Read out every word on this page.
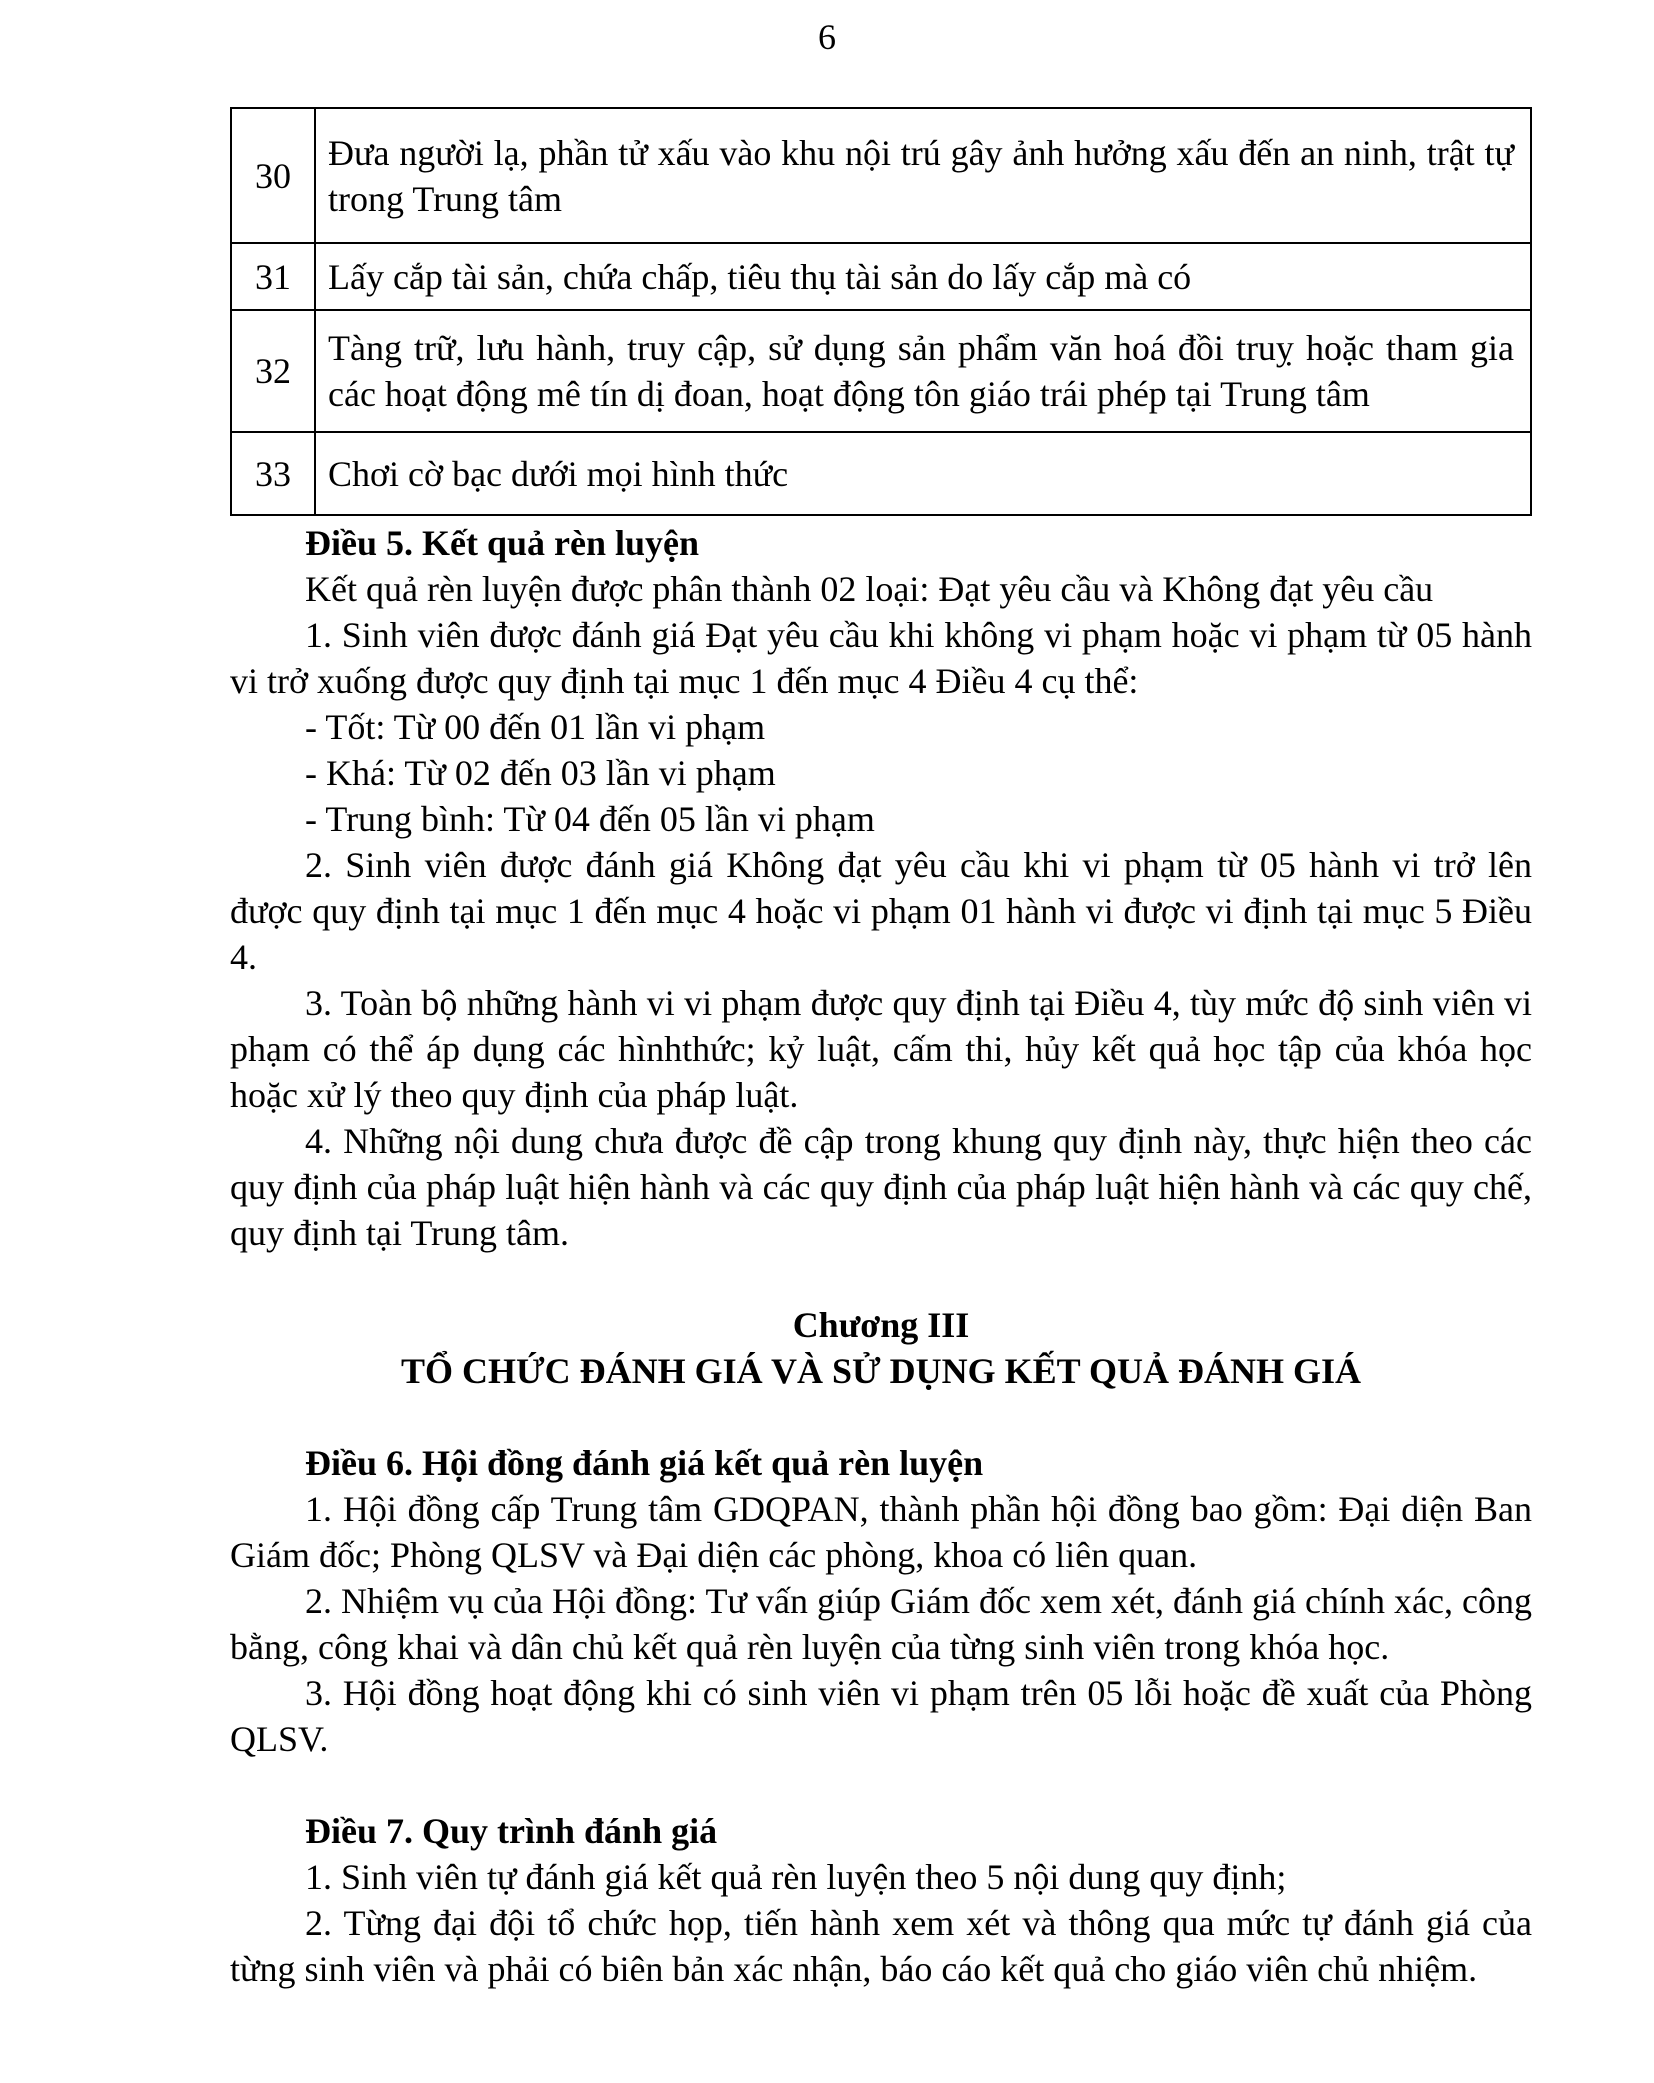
6
30	Đưa người lạ, phần tử xấu vào khu nội trú gây ảnh hưởng xấu đến an ninh, trật tự trong Trung tâm
31	Lấy cắp tài sản, chứa chấp, tiêu thụ tài sản do lấy cắp mà có
32	Tàng trữ, lưu hành, truy cập, sử dụng sản phẩm văn hoá đồi truỵ hoặc tham gia các hoạt động mê tín dị đoan, hoạt động tôn giáo trái phép tại Trung tâm
33	Chơi cờ bạc dưới mọi hình thức

Điều 5. Kết quả rèn luyện

Kết quả rèn luyện được phân thành 02 loại: Đạt yêu cầu và Không đạt yêu cầu

1. Sinh viên được đánh giá Đạt yêu cầu khi không vi phạm hoặc vi phạm từ 05 hành vi trở xuống được quy định tại mục 1 đến mục 4 Điều 4 cụ thể:

- Tốt: Từ 00 đến 01 lần vi phạm

- Khá: Từ 02 đến 03 lần vi phạm

- Trung bình: Từ 04 đến 05 lần vi phạm

2. Sinh viên được đánh giá Không đạt yêu cầu khi vi phạm từ 05 hành vi trở lên được quy định tại mục 1 đến mục 4 hoặc vi phạm 01 hành vi được vi định tại mục 5 Điều 4.

3. Toàn bộ những hành vi vi phạm được quy định tại Điều 4, tùy mức độ sinh viên vi phạm có thể áp dụng các hìnhthức; kỷ luật, cấm thi, hủy kết quả học tập của khóa học hoặc xử lý theo quy định của pháp luật.

4. Những nội dung chưa được đề cập trong khung quy định này, thực hiện theo các quy định của pháp luật hiện hành và các quy định của pháp luật hiện hành và các quy chế, quy định tại Trung tâm.

Chương III

TỔ CHỨC ĐÁNH GIÁ VÀ SỬ DỤNG KẾT QUẢ ĐÁNH GIÁ

Điều 6. Hội đồng đánh giá kết quả rèn luyện

1. Hội đồng cấp Trung tâm GDQPAN, thành phần hội đồng bao gồm: Đại diện Ban Giám đốc; Phòng QLSV và Đại diện các phòng, khoa có liên quan.

2. Nhiệm vụ của Hội đồng: Tư vấn giúp Giám đốc xem xét, đánh giá chính xác, công bằng, công khai và dân chủ kết quả rèn luyện của từng sinh viên trong khóa học.

3. Hội đồng hoạt động khi có sinh viên vi phạm trên 05 lỗi hoặc đề xuất của Phòng QLSV.

Điều 7. Quy trình đánh giá

1. Sinh viên tự đánh giá kết quả rèn luyện theo 5 nội dung quy định;

2. Từng đại đội tổ chức họp, tiến hành xem xét và thông qua mức tự đánh giá của từng sinh viên và phải có biên bản xác nhận, báo cáo kết quả cho giáo viên chủ nhiệm.
